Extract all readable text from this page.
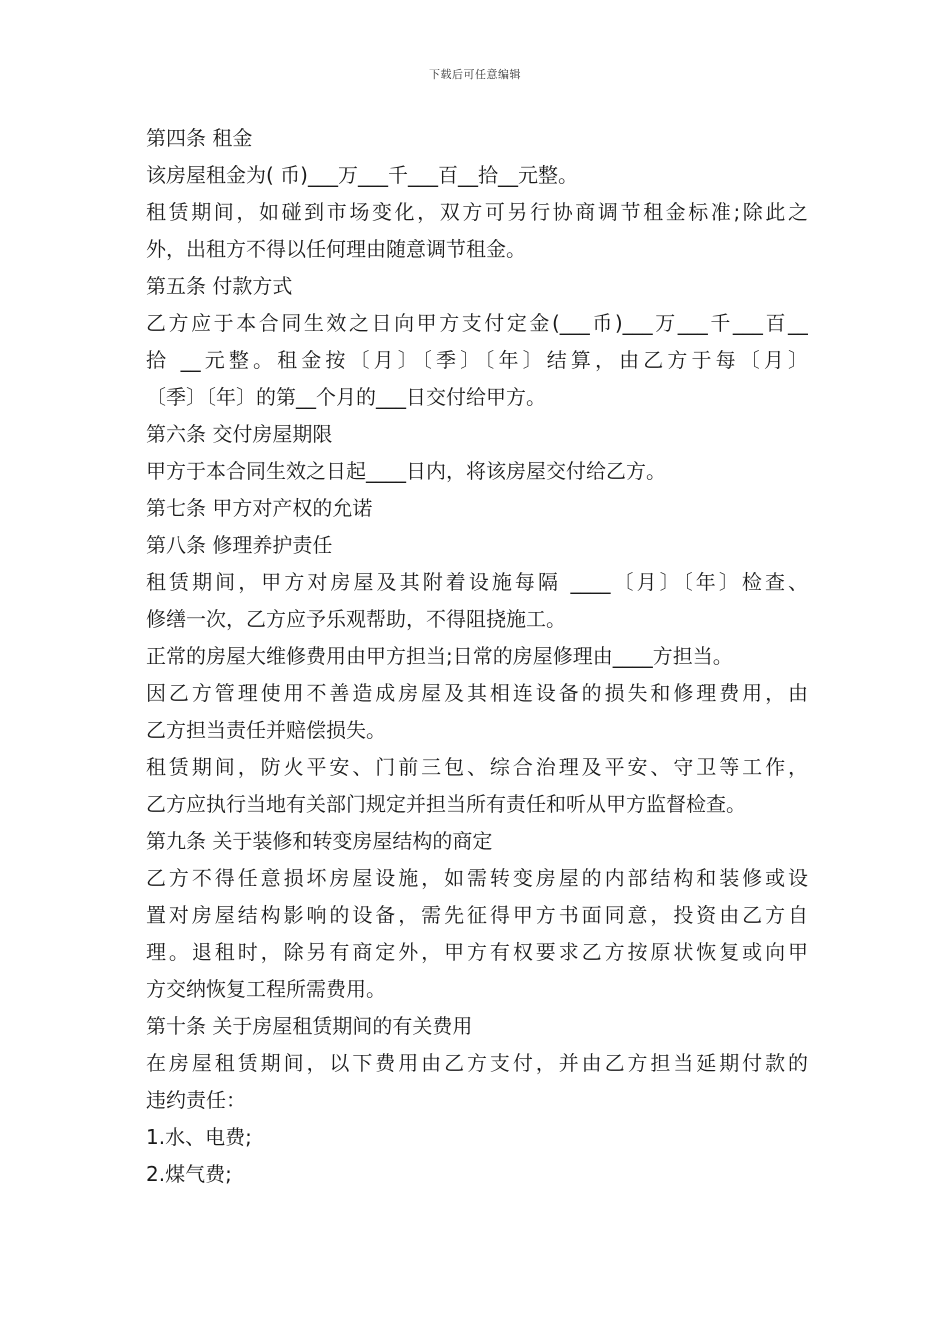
下载后可任意编辑
第四条 租金
该房屋租金为( 币)___万___千___百__拾__元整。
租赁期间，如碰到市场变化，双方可另行协商调节租金标准;除此之
外，出租方不得以任何理由随意调节租金。
第五条 付款方式
乙方应于本合同生效之日向甲方支付定金(___币)___万___千___百__
拾 __元整。租金按〔月〕〔季〕〔年〕结算，由乙方于每〔月〕
〔季〕〔年〕的第__个月的___日交付给甲方。
第六条 交付房屋期限
甲方于本合同生效之日起____日内，将该房屋交付给乙方。
第七条 甲方对产权的允诺
第八条 修理养护责任
租赁期间，甲方对房屋及其附着设施每隔 ____〔月〕〔年〕检查、
修缮一次，乙方应予乐观帮助，不得阻挠施工。
正常的房屋大维修费用由甲方担当;日常的房屋修理由____方担当。
因乙方管理使用不善造成房屋及其相连设备的损失和修理费用，由
乙方担当责任并赔偿损失。
租赁期间，防火平安、门前三包、综合治理及平安、守卫等工作，
乙方应执行当地有关部门规定并担当所有责任和听从甲方监督检查。
第九条 关于装修和转变房屋结构的商定
乙方不得任意损坏房屋设施，如需转变房屋的内部结构和装修或设
置对房屋结构影响的设备，需先征得甲方书面同意，投资由乙方自
理。退租时，除另有商定外，甲方有权要求乙方按原状恢复或向甲
方交纳恢复工程所需费用。
第十条 关于房屋租赁期间的有关费用
在房屋租赁期间，以下费用由乙方支付，并由乙方担当延期付款的
违约责任：
1.水、电费;
2.煤气费;
